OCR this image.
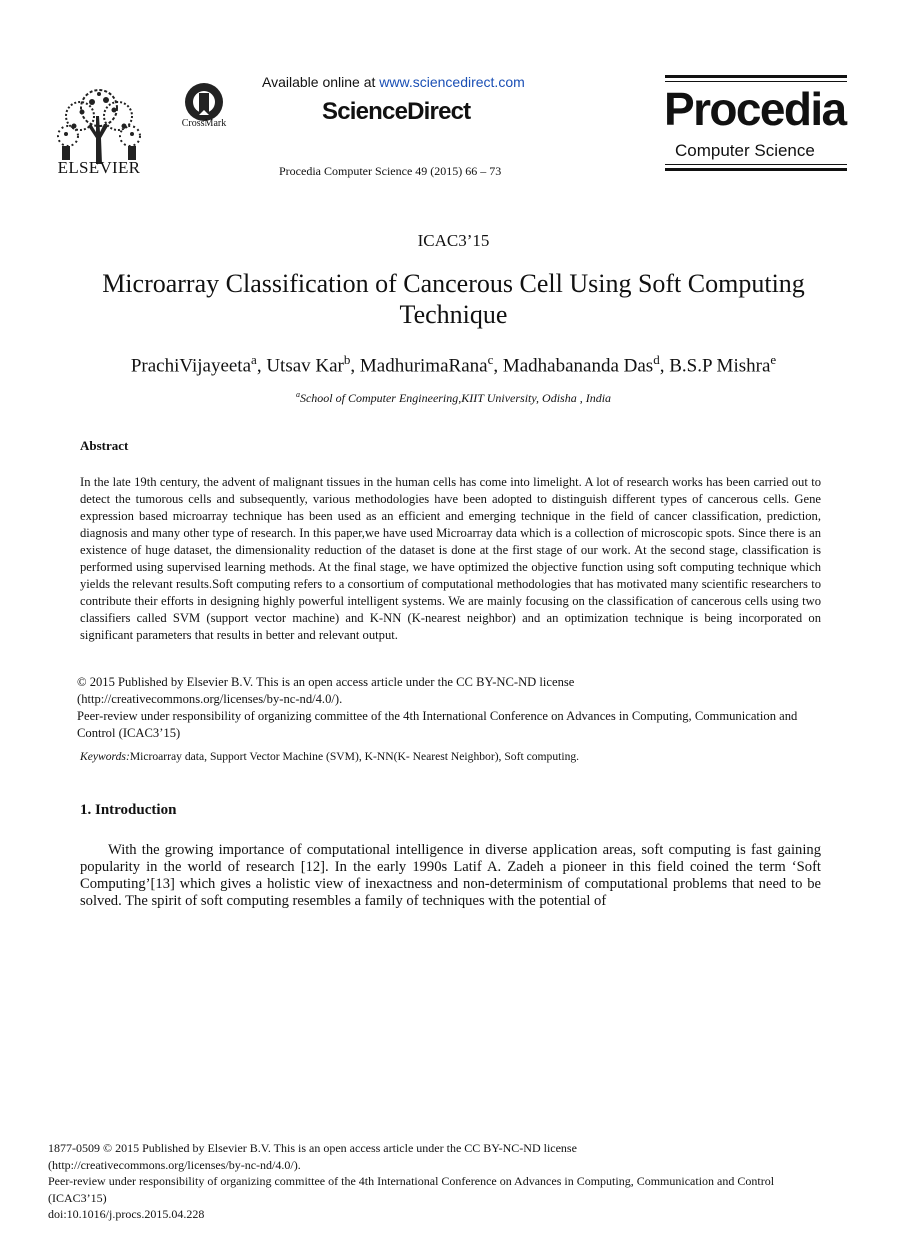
ELSEVIER
CrossMark
Available online at www.sciencedirect.com
ScienceDirect
Procedia Computer Science 49 (2015) 66 – 73
Procedia
Computer Science
ICAC3’15
Microarray Classification of Cancerous Cell Using Soft Computing Technique
PrachiVijayeeta$^a$, Utsav Kar$^b$, MadhurimaRana$^c$, Madhabananda Das$^d$, B.S.P Mishra$^e$
$^a$School of Computer Engineering,KIIT University, Odisha , India
Abstract
In the late 19th century, the advent of malignant tissues in the human cells has come into limelight. A lot of research works has been carried out to detect the tumorous cells and subsequently, various methodologies have been adopted to distinguish different types of cancerous cells. Gene expression based microarray technique has been used as an efficient and emerging technique in the field of cancer classification, prediction, diagnosis and many other type of research. In this paper,we have used Microarray data which is a collection of microscopic spots. Since there is an existence of huge dataset, the dimensionality reduction of the dataset is done at the first stage of our work. At the second stage, classification is performed using supervised learning methods. At the final stage, we have optimized the objective function using soft computing technique which yields the relevant results.Soft computing refers to a consortium of computational methodologies that has motivated many scientific researchers to contribute their efforts in designing highly powerful intelligent systems. We are mainly focusing on the classification of cancerous cells using two classifiers called SVM (support vector machine) and K-NN (K-nearest neighbor) and an optimization technique is being incorporated on significant parameters that results in better and relevant output.
© 2015 Published by Elsevier B.V. This is an open access article under the CC BY-NC-ND license
(http://creativecommons.org/licenses/by-nc-nd/4.0/).
Peer-review under responsibility of organizing committee of the 4th International Conference on Advances in Computing, Communication and Control (ICAC3’15)
Keywords:Microarray data, Support Vector Machine (SVM), K-NN(K- Nearest Neighbor), Soft computing.
1. Introduction
With the growing importance of computational intelligence in diverse application areas, soft computing is fast gaining popularity in the world of research [12]. In the early 1990s Latif A. Zadeh a pioneer in this field coined the term ‘Soft Computing’[13] which gives a holistic view of inexactness and non-determinism of computational problems that need to be solved. The spirit of soft computing resembles a family of techniques with the potential of
1877-0509 © 2015 Published by Elsevier B.V. This is an open access article under the CC BY-NC-ND license
(http://creativecommons.org/licenses/by-nc-nd/4.0/).
Peer-review under responsibility of organizing committee of the 4th International Conference on Advances in Computing, Communication and Control (ICAC3’15)
doi:10.1016/j.procs.2015.04.228
